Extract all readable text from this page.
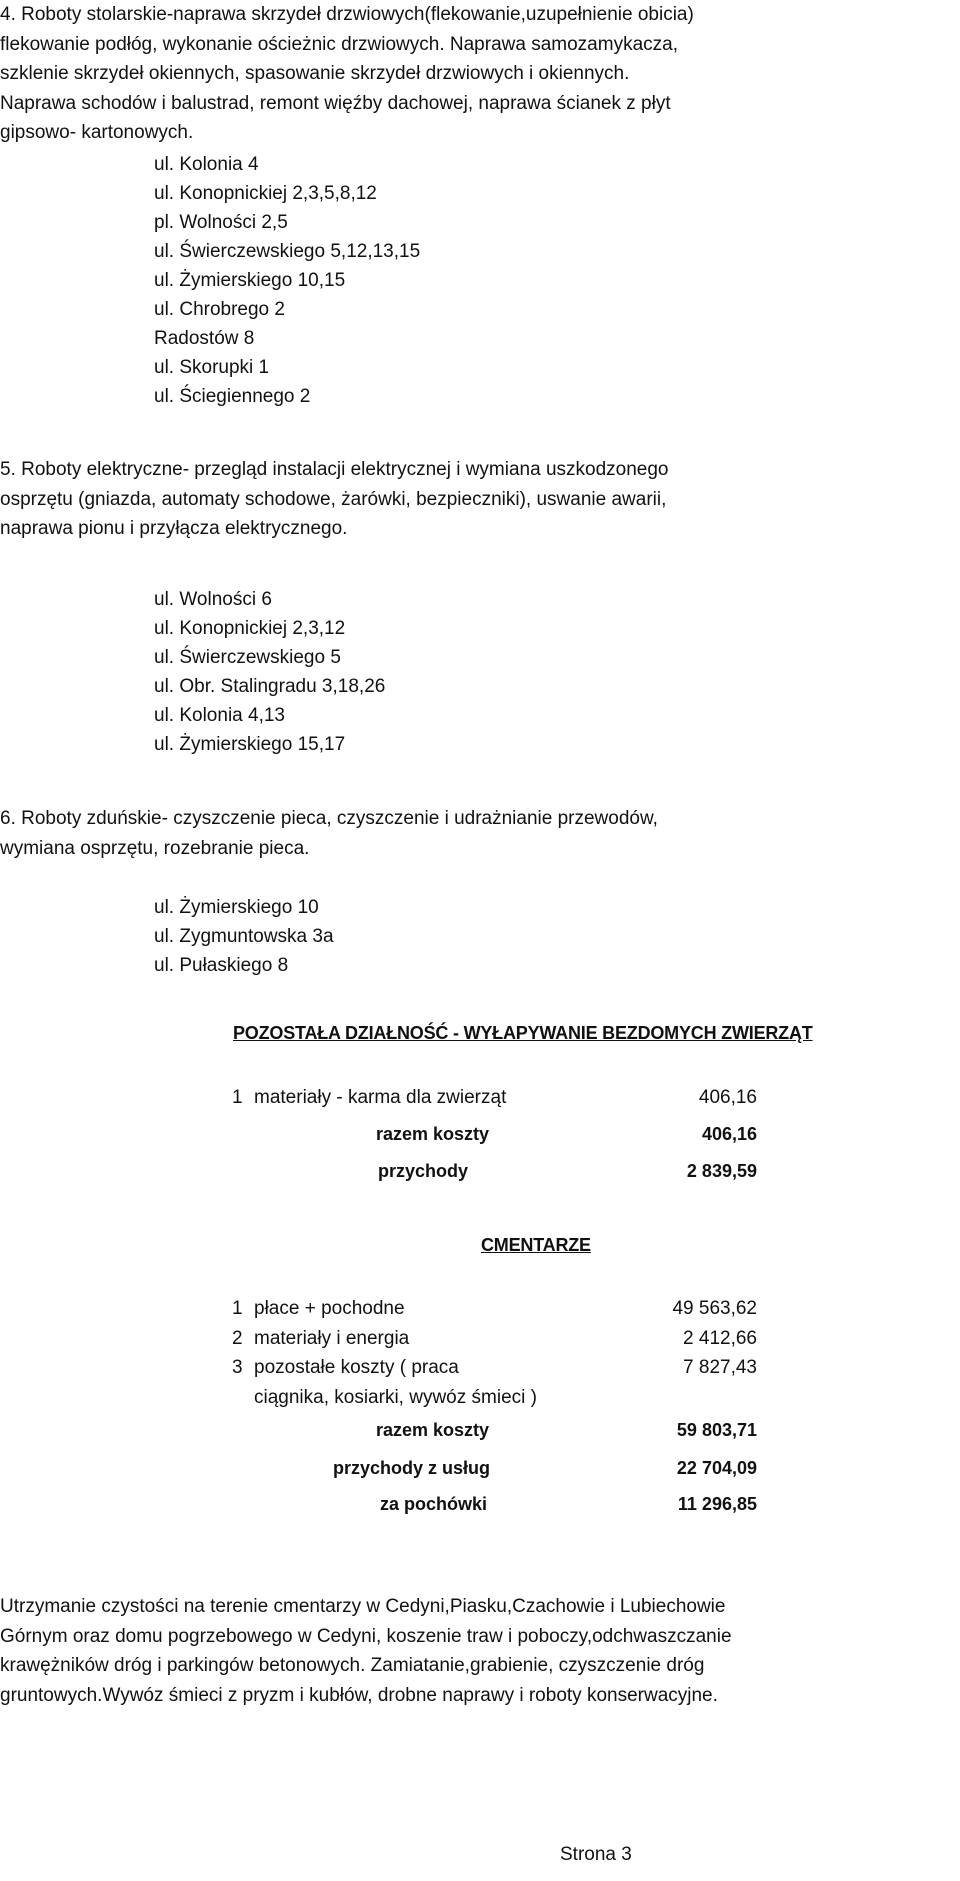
4. Roboty stolarskie-naprawa skrzydeł drzwiowych(flekowanie,uzupełnienie obicia)
flekowanie podłóg, wykonanie ościeżnic drzwiowych. Naprawa samozamykacza,
szklenie skrzydeł okiennych, spasowanie skrzydeł drzwiowych i okiennych.
Naprawa schodów i balustrad, remont więźby dachowej, naprawa ścianek z płyt
gipsowo- kartonowych.
ul. Kolonia 4
ul. Konopnickiej 2,3,5,8,12
pl. Wolności 2,5
ul. Świerczewskiego 5,12,13,15
ul. Żymierskiego 10,15
ul. Chrobrego 2
Radostów 8
ul. Skorupki 1
ul. Ściegiennego 2
5. Roboty elektryczne- przegląd instalacji elektrycznej i wymiana uszkodzonego
osprzętu (gniazda, automaty schodowe, żarówki, bezpieczniki), uswanie awarii,
naprawa pionu i przyłącza elektrycznego.
ul. Wolności 6
ul. Konopnickiej 2,3,12
ul. Świerczewskiego 5
ul. Obr. Stalingradu 3,18,26
ul. Kolonia 4,13
ul. Żymierskiego 15,17
6. Roboty zduńskie- czyszczenie pieca, czyszczenie i udrażnianie przewodów,
wymiana osprzętu, rozebranie pieca.
ul. Żymierskiego 10
ul. Zygmuntowska 3a
ul. Pułaskiego 8
POZOSTAŁA DZIAŁNOŚĆ - WYŁAPYWANIE BEZDOMYCH ZWIERZĄT
1 materiały - karma dla zwierząt	406,16
razem koszty	406,16
przychody	2 839,59
CMENTARZE
1 płace + pochodne	49 563,62
2 materiały i energia	2 412,66
3 pozostałe koszty ( praca	7 827,43
ciągnika, kosiarki, wywóz śmieci )
razem koszty	59 803,71
przychody z usług	22 704,09
za pochówki	11 296,85
Utrzymanie czystości na terenie cmentarzy w Cedyni,Piasku,Czachowie i Lubiechowie
Górnym oraz domu pogrzebowego w Cedyni, koszenie traw i poboczy,odchwaszczanie
krawężników dróg i parkingów betonowych. Zamiatanie,grabienie, czyszczenie dróg
gruntowych.Wywóz śmieci z pryzm i kubłów, drobne naprawy i roboty konserwacyjne.
Strona 3
